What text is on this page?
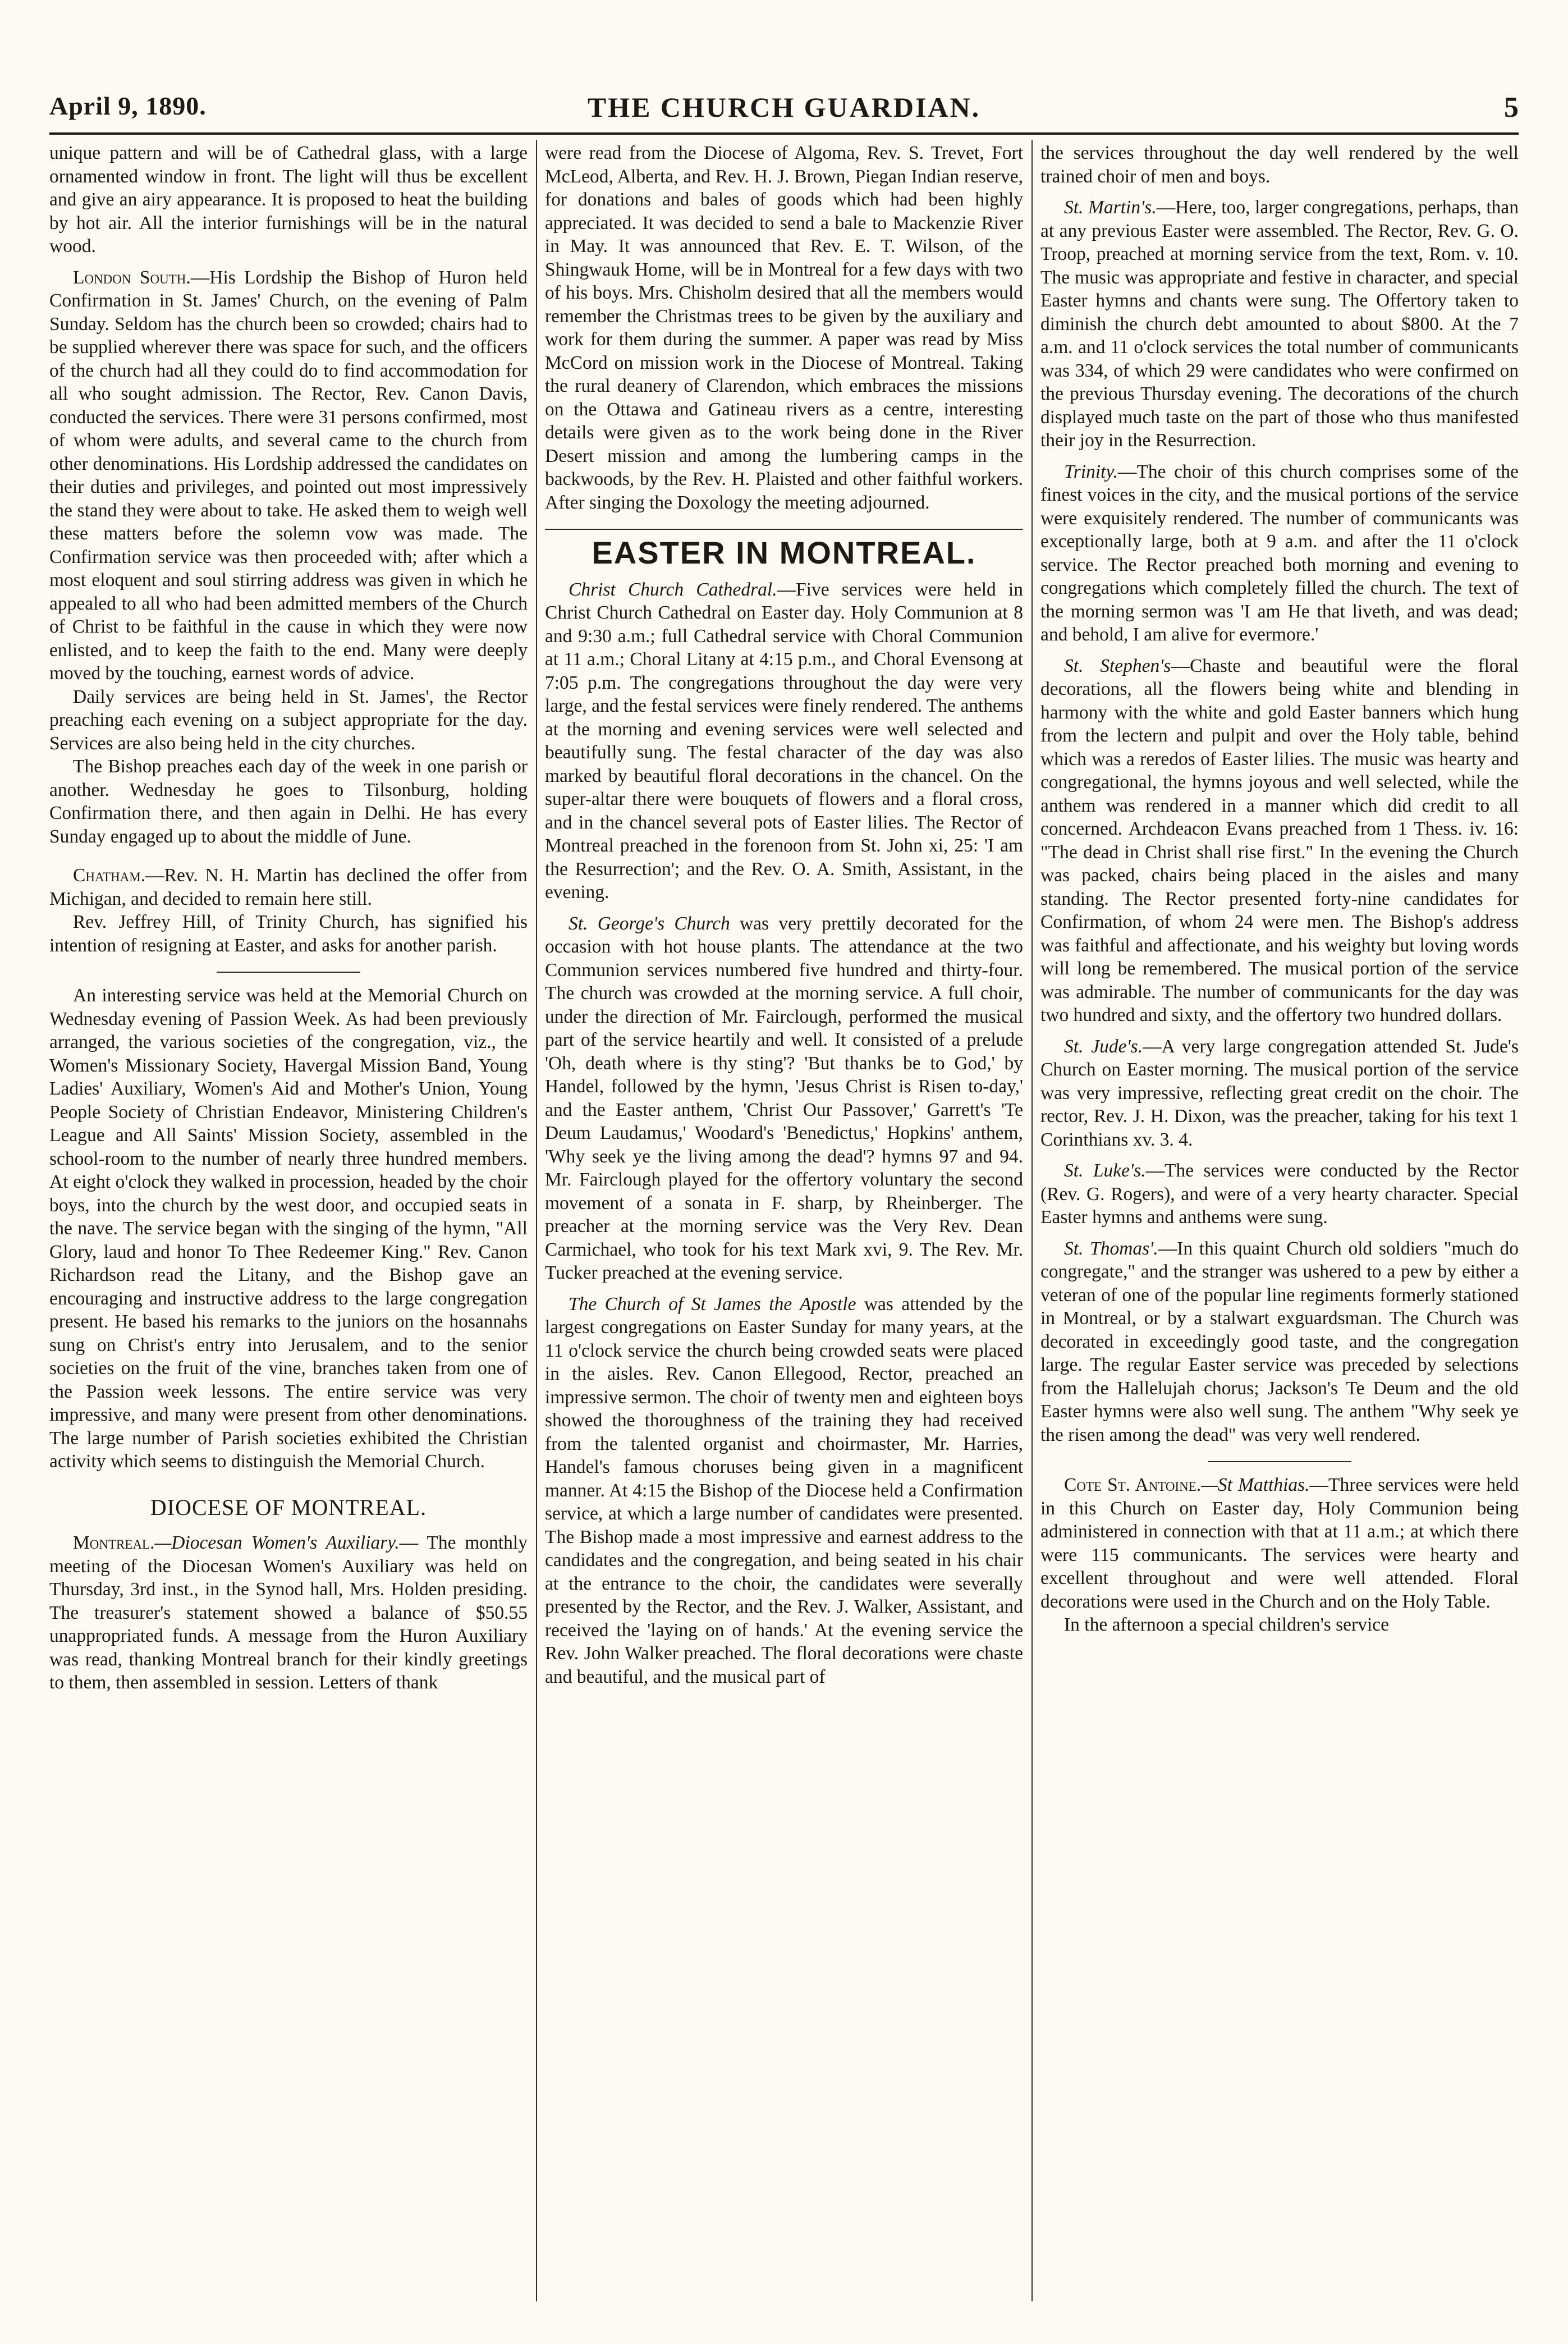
April 9, 1890.	THE CHURCH GUARDIAN.	5

unique pattern and will be of Cathedral glass, with a large ornamented window in front. The light will thus be excellent and give an airy appearance. It is proposed to heat the building by hot air. All the interior furnishings will be in the natural wood.

London South.—His Lordship the Bishop of Huron held Confirmation in St. James' Church, on the evening of Palm Sunday. Seldom has the church been so crowded; chairs had to be supplied wherever there was space for such, and the officers of the church had all they could do to find accommodation for all who sought admission. The Rector, Rev. Canon Davis, conducted the services. There were 31 persons confirmed, most of whom were adults, and several came to the church from other denominations. His Lordship addressed the candidates on their duties and privileges, and pointed out most impressively the stand they were about to take. He asked them to weigh well these matters before the solemn vow was made. The Confirmation service was then proceeded with; after which a most eloquent and soul stirring address was given in which he appealed to all who had been admitted members of the Church of Christ to be faithful in the cause in which they were now enlisted, and to keep the faith to the end. Many were deeply moved by the touching, earnest words of advice.

Daily services are being held in St. James', the Rector preaching each evening on a subject appropriate for the day. Services are also being held in the city churches.

The Bishop preaches each day of the week in one parish or another. Wednesday he goes to Tilsonburg, holding Confirmation there, and then again in Delhi. He has every Sunday engaged up to about the middle of June.

Chatham.—Rev. N. H. Martin has declined the offer from Michigan, and decided to remain here still.

Rev. Jeffrey Hill, of Trinity Church, has signified his intention of resigning at Easter, and asks for another parish.

An interesting service was held at the Memorial Church on Wednesday evening of Passion Week. As had been previously arranged, the various societies of the congregation, viz., the Women's Missionary Society, Havergal Mission Band, Young Ladies' Auxiliary, Women's Aid and Mother's Union, Young People Society of Christian Endeavor, Ministering Children's League and All Saints' Mission Society, assembled in the school-room to the number of nearly three hundred members. At eight o'clock they walked in procession, headed by the choir boys, into the church by the west door, and occupied seats in the nave. The service began with the singing of the hymn, "All Glory, laud and honor To Thee Redeemer King." Rev. Canon Richardson read the Litany, and the Bishop gave an encouraging and instructive address to the large congregation present. He based his remarks to the juniors on the hosannahs sung on Christ's entry into Jerusalem, and to the senior societies on the fruit of the vine, branches taken from one of the Passion week lessons. The entire service was very impressive, and many were present from other denominations. The large number of Parish societies exhibited the Christian activity which seems to distinguish the Memorial Church.

DIOCESE OF MONTREAL.

Montreal.—Diocesan Women's Auxiliary.— The monthly meeting of the Diocesan Women's Auxiliary was held on Thursday, 3rd inst., in the Synod hall, Mrs. Holden presiding. The treasurer's statement showed a balance of $50.55 unappropriated funds. A message from the Huron Auxiliary was read, thanking Montreal branch for their kindly greetings to them, then assembled in session. Letters of thank

were read from the Diocese of Algoma, Rev. S. Trevet, Fort McLeod, Alberta, and Rev. H. J. Brown, Piegan Indian reserve, for donations and bales of goods which had been highly appreciated. It was decided to send a bale to Mackenzie River in May. It was announced that Rev. E. T. Wilson, of the Shingwauk Home, will be in Montreal for a few days with two of his boys. Mrs. Chisholm desired that all the members would remember the Christmas trees to be given by the auxiliary and work for them during the summer. A paper was read by Miss McCord on mission work in the Diocese of Montreal. Taking the rural deanery of Clarendon, which embraces the missions on the Ottawa and Gatineau rivers as a centre, interesting details were given as to the work being done in the River Desert mission and among the lumbering camps in the backwoods, by the Rev. H. Plaisted and other faithful workers. After singing the Doxology the meeting adjourned.

EASTER IN MONTREAL.

Christ Church Cathedral.—Five services were held in Christ Church Cathedral on Easter day. Holy Communion at 8 and 9:30 a.m.; full Cathedral service with Choral Communion at 11 a.m.; Choral Litany at 4:15 p.m., and Choral Evensong at 7:05 p.m. The congregations throughout the day were very large, and the festal services were finely rendered. The anthems at the morning and evening services were well selected and beautifully sung. The festal character of the day was also marked by beautiful floral decorations in the chancel. On the super-altar there were bouquets of flowers and a floral cross, and in the chancel several pots of Easter lilies. The Rector of Montreal preached in the forenoon from St. John xi, 25: 'I am the Resurrection'; and the Rev. O. A. Smith, Assistant, in the evening.

St. George's Church was very prettily decorated for the occasion with hot house plants. The attendance at the two Communion services numbered five hundred and thirty-four. The church was crowded at the morning service. A full choir, under the direction of Mr. Fairclough, performed the musical part of the service heartily and well. It consisted of a prelude 'Oh, death where is thy sting'? 'But thanks be to God,' by Handel, followed by the hymn, 'Jesus Christ is Risen to-day,' and the Easter anthem, 'Christ Our Passover,' Garrett's 'Te Deum Laudamus,' Woodard's 'Benedictus,' Hopkins' anthem, 'Why seek ye the living among the dead'? hymns 97 and 94. Mr. Fairclough played for the offertory voluntary the second movement of a sonata in F. sharp, by Rheinberger. The preacher at the morning service was the Very Rev. Dean Carmichael, who took for his text Mark xvi, 9. The Rev. Mr. Tucker preached at the evening service.

The Church of St James the Apostle was attended by the largest congregations on Easter Sunday for many years, at the 11 o'clock service the church being crowded seats were placed in the aisles. Rev. Canon Ellegood, Rector, preached an impressive sermon. The choir of twenty men and eighteen boys showed the thoroughness of the training they had received from the talented organist and choirmaster, Mr. Harries, Handel's famous choruses being given in a magnificent manner. At 4:15 the Bishop of the Diocese held a Confirmation service, at which a large number of candidates were presented. The Bishop made a most impressive and earnest address to the candidates and the congregation, and being seated in his chair at the entrance to the choir, the candidates were severally presented by the Rector, and the Rev. J. Walker, Assistant, and received the 'laying on of hands.' At the evening service the Rev. John Walker preached. The floral decorations were chaste and beautiful, and the musical part of

the services throughout the day well rendered by the well trained choir of men and boys.

St. Martin's.—Here, too, larger congregations, perhaps, than at any previous Easter were assembled. The Rector, Rev. G. O. Troop, preached at morning service from the text, Rom. v. 10. The music was appropriate and festive in character, and special Easter hymns and chants were sung. The Offertory taken to diminish the church debt amounted to about $800. At the 7 a.m. and 11 o'clock services the total number of communicants was 334, of which 29 were candidates who were confirmed on the previous Thursday evening. The decorations of the church displayed much taste on the part of those who thus manifested their joy in the Resurrection.

Trinity.—The choir of this church comprises some of the finest voices in the city, and the musical portions of the service were exquisitely rendered. The number of communicants was exceptionally large, both at 9 a.m. and after the 11 o'clock service. The Rector preached both morning and evening to congregations which completely filled the church. The text of the morning sermon was 'I am He that liveth, and was dead; and behold, I am alive for evermore.'

St. Stephen's—Chaste and beautiful were the floral decorations, all the flowers being white and blending in harmony with the white and gold Easter banners which hung from the lectern and pulpit and over the Holy table, behind which was a reredos of Easter lilies. The music was hearty and congregational, the hymns joyous and well selected, while the anthem was rendered in a manner which did credit to all concerned. Archdeacon Evans preached from 1 Thess. iv. 16: "The dead in Christ shall rise first." In the evening the Church was packed, chairs being placed in the aisles and many standing. The Rector presented forty-nine candidates for Confirmation, of whom 24 were men. The Bishop's address was faithful and affectionate, and his weighty but loving words will long be remembered. The musical portion of the service was admirable. The number of communicants for the day was two hundred and sixty, and the offertory two hundred dollars.

St. Jude's.—A very large congregation attended St. Jude's Church on Easter morning. The musical portion of the service was very impressive, reflecting great credit on the choir. The rector, Rev. J. H. Dixon, was the preacher, taking for his text 1 Corinthians xv. 3. 4.

St. Luke's.—The services were conducted by the Rector (Rev. G. Rogers), and were of a very hearty character. Special Easter hymns and anthems were sung.

St. Thomas'.—In this quaint Church old soldiers "much do congregate," and the stranger was ushered to a pew by either a veteran of one of the popular line regiments formerly stationed in Montreal, or by a stalwart exguardsman. The Church was decorated in exceedingly good taste, and the congregation large. The regular Easter service was preceded by selections from the Hallelujah chorus; Jackson's Te Deum and the old Easter hymns were also well sung. The anthem "Why seek ye the risen among the dead" was very well rendered.

Cote St. Antoine.—St Matthias.—Three services were held in this Church on Easter day, Holy Communion being administered in connection with that at 11 a.m.; at which there were 115 communicants. The services were hearty and excellent throughout and were well attended. Floral decorations were used in the Church and on the Holy Table.

In the afternoon a special children's service
